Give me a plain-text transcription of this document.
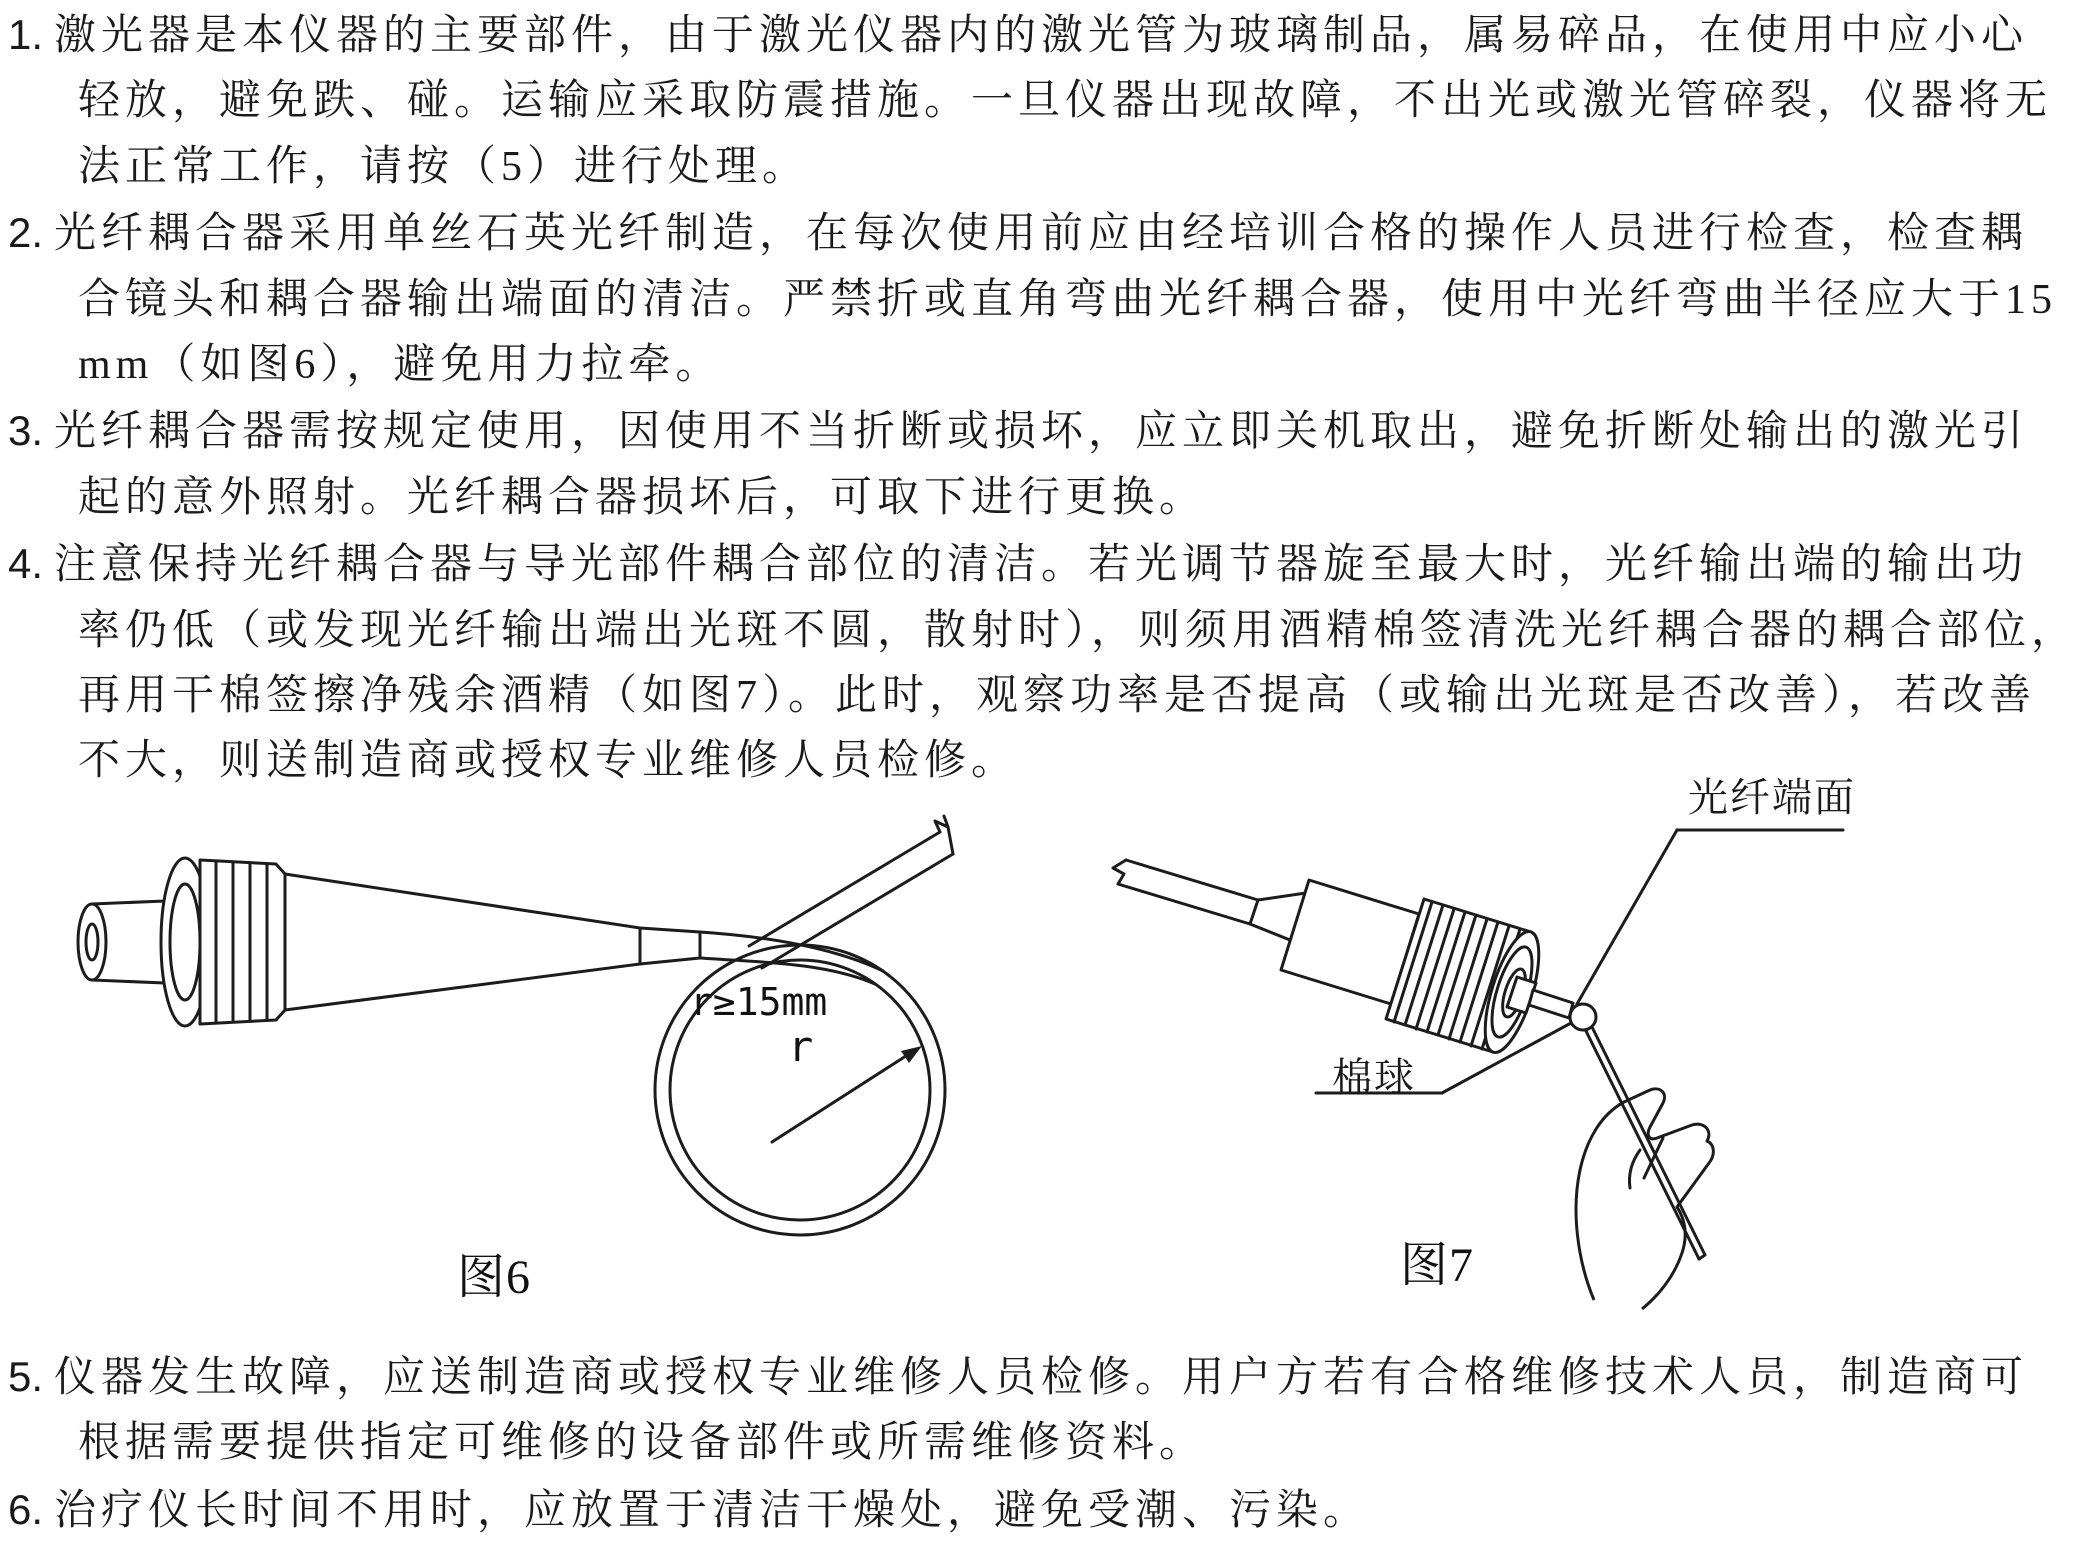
1. 激光器是本仪器的主要部件，由于激光仪器内的激光管为玻璃制品，属易碎品，在使用中应小心
轻放，避免跌、碰。运输应采取防震措施。一旦仪器出现故障，不出光或激光管碎裂，仪器将无
法正常工作，请按（5）进行处理。
2. 光纤耦合器采用单丝石英光纤制造，在每次使用前应由经培训合格的操作人员进行检查，检查耦
合镜头和耦合器输出端面的清洁。严禁折或直角弯曲光纤耦合器，使用中光纤弯曲半径应大于15
mm（如图6），避免用力拉牵。
3. 光纤耦合器需按规定使用，因使用不当折断或损坏，应立即关机取出，避免折断处输出的激光引
起的意外照射。光纤耦合器损坏后，可取下进行更换。
4. 注意保持光纤耦合器与导光部件耦合部位的清洁。若光调节器旋至最大时，光纤输出端的输出功
率仍低（或发现光纤输出端出光斑不圆，散射时），则须用酒精棉签清洗光纤耦合器的耦合部位，
再用干棉签擦净残余酒精（如图7）。此时，观察功率是否提高（或输出光斑是否改善），若改善
不大，则送制造商或授权专业维修人员检修。
r≥15mm
r
光纤端面
棉球
图6	图7
5. 仪器发生故障，应送制造商或授权专业维修人员检修。用户方若有合格维修技术人员，制造商可
根据需要提供指定可维修的设备部件或所需维修资料。
6. 治疗仪长时间不用时，应放置于清洁干燥处，避免受潮、污染。
